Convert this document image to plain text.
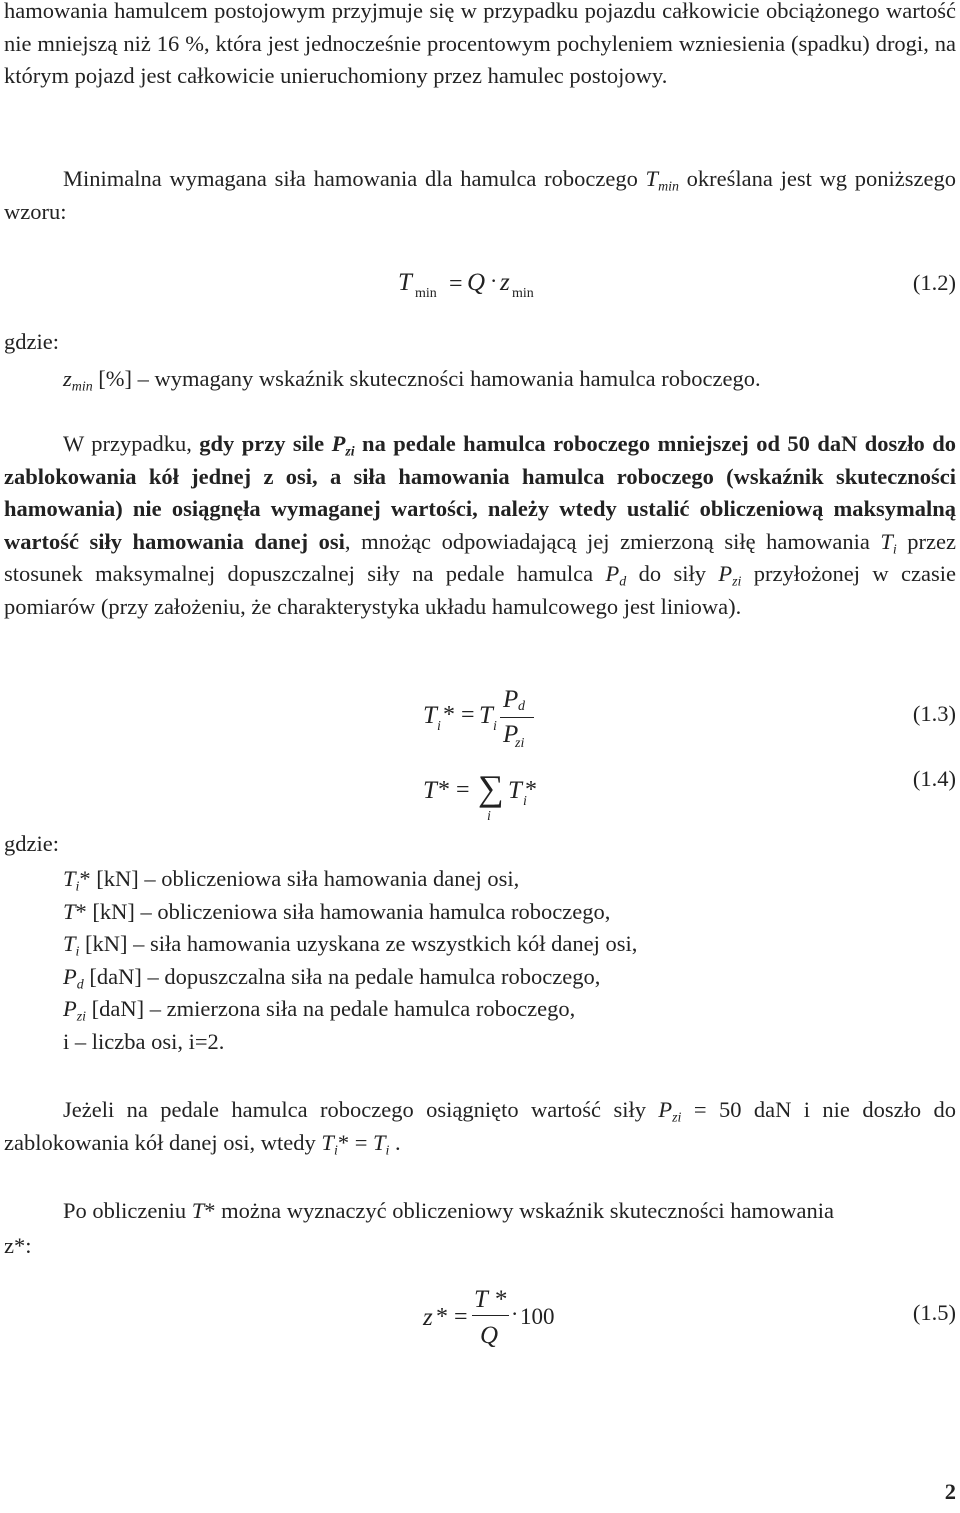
hamowania hamulcem postojowym przyjmuje się w przypadku pojazdu całkowicie obciążonego wartość nie mniejszą niż 16 %, która jest jednocześnie procentowym pochyleniem wzniesienia (spadku) drogi, na którym pojazd jest całkowicie unieruchomiony przez hamulec postojowy.

Minimalna wymagana siła hamowania dla hamulca roboczego $T_{min}$ określana jest wg poniższego wzoru:

T min = Q · z min	(1.2)
gdzie:
$z_{min}$ [%] – wymagany wskaźnik skuteczności hamowania hamulca roboczego.

W przypadku, gdy przy sile $P_{zi}$ na pedale hamulca roboczego mniejszej od 50 daN doszło do zablokowania kół jednej z osi, a siła hamowania hamulca roboczego (wskaźnik skuteczności hamowania) nie osiągnęła wymaganej wartości, należy wtedy ustalić obliczeniową maksymalną wartość siły hamowania danej osi, mnożąc odpowiadającą jej zmierzoną siłę hamowania $T_i$ przez stosunek maksymalnej dopuszczalnej siły na pedale hamulca $P_d$ do siły $P_{zi}$ przyłożonej w czasie pomiarów (przy założeniu, że charakterystyka układu hamulcowego jest liniowa).

T i * = T i
P d
P
zi
(1.3)
T * = ∑
i
T i
*	(1.4)
gdzie:
$T_i*$ [kN] – obliczeniowa siła hamowania danej osi,
T* [kN] – obliczeniowa siła hamowania hamulca roboczego,
$T_i$ [kN] – siła hamowania uzyskana ze wszystkich kół danej osi,
$P_d$ [daN] – dopuszczalna siła na pedale hamulca roboczego,
$P_{zi}$ [daN] – zmierzona siła na pedale hamulca roboczego,
i – liczba osi, i=2.

Jeżeli na pedale hamulca roboczego osiągnięto wartość siły $P_{zi} = 50$ daN i nie doszło do zablokowania kół danej osi, wtedy $T_i* = T_i$ .

Po obliczeniu T* można wyznaczyć obliczeniowy wskaźnik skuteczności hamowania
z*:
z * =
T *
Q
· 100	(1.5)
2
